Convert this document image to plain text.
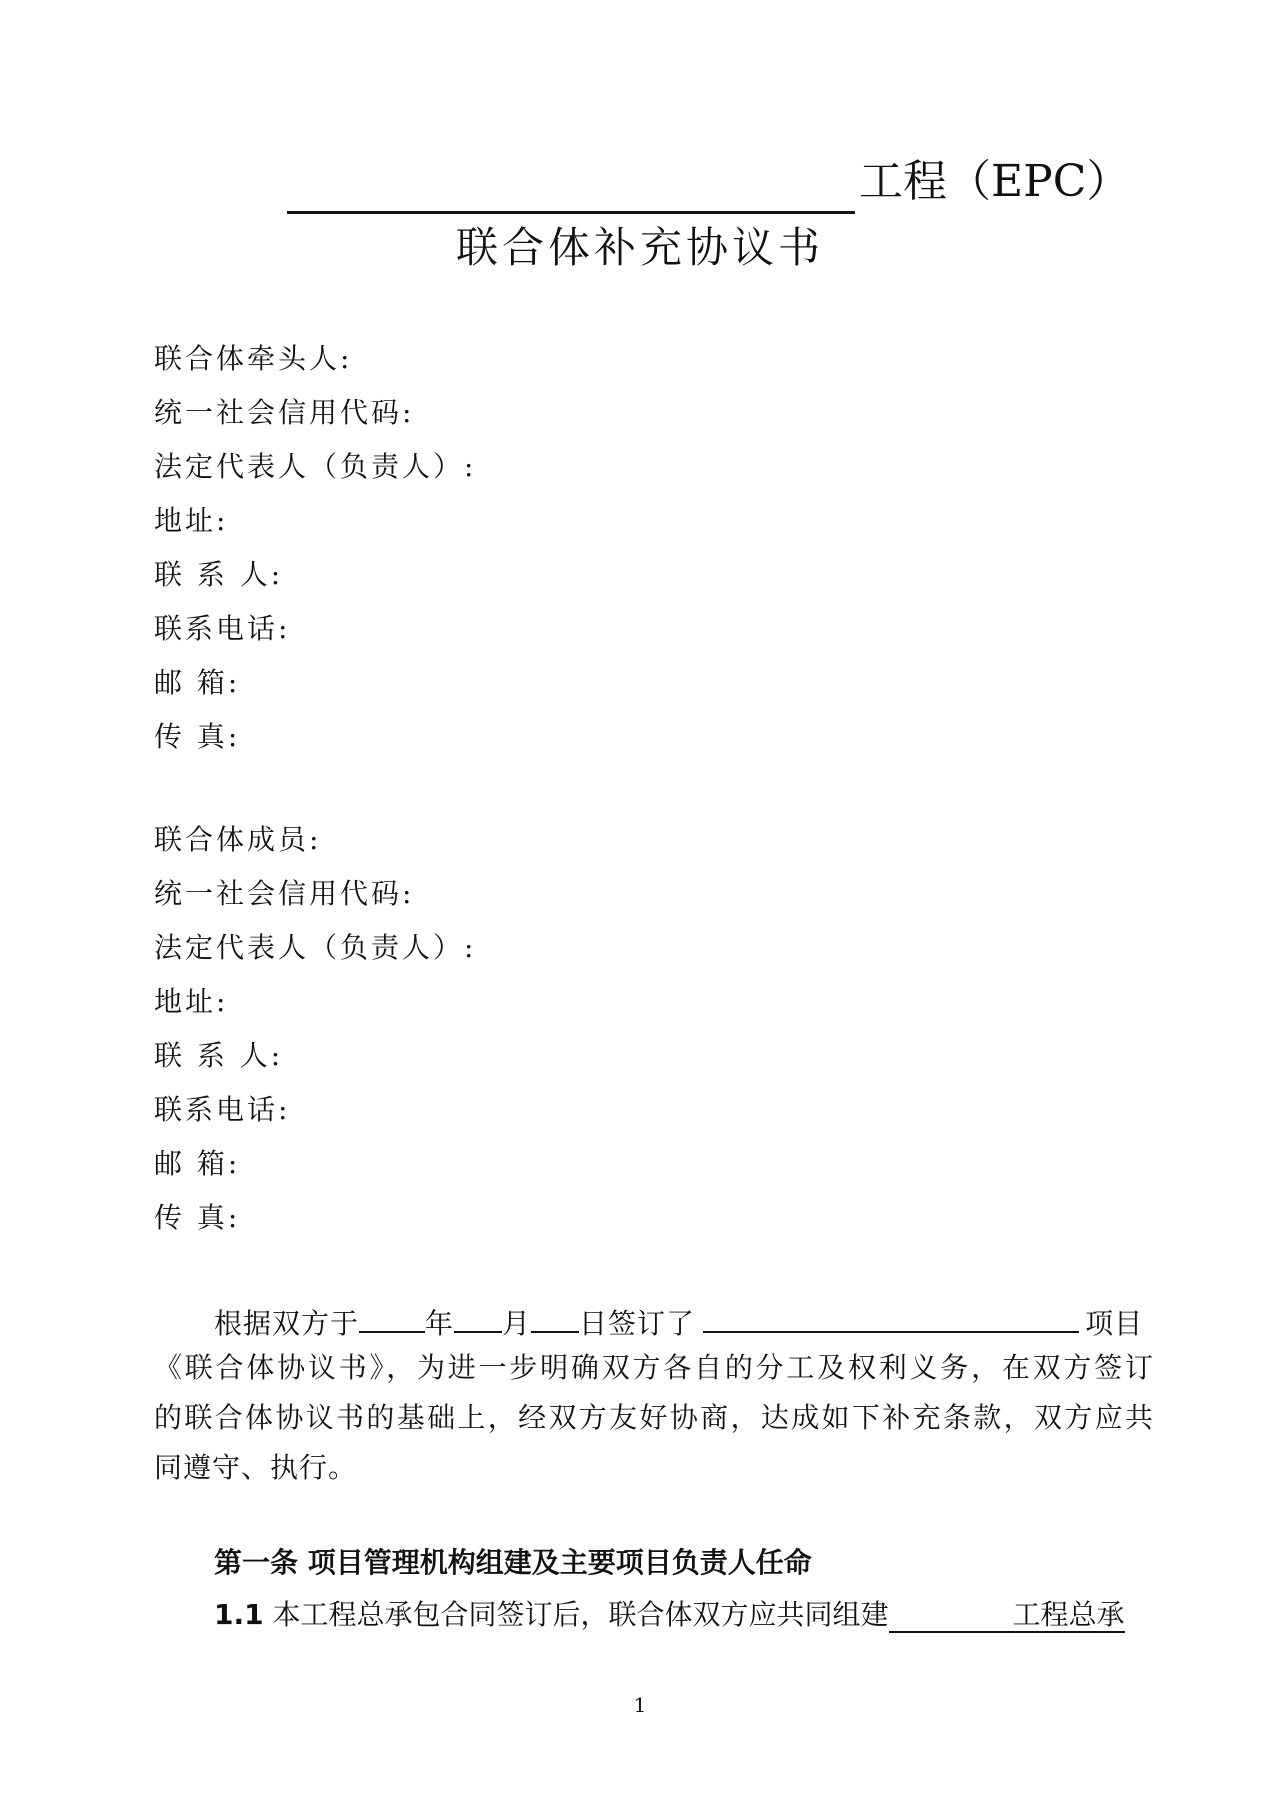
工程（EPC）
联合体补充协议书
联合体牵头人:
统一社会信用代码:
法定代表人（负责人）:
地址:
联 系 人:
联系电话:
邮 箱:
传 真:
联合体成员:
统一社会信用代码:
法定代表人（负责人）:
地址:
联 系 人:
联系电话:
邮 箱:
传 真:
根据双方于 年 月 日签订了	项目
《联合体协议书》，为进一步明确双方各自的分工及权利义务，在双方签订
的联合体协议书的基础上，经双方友好协商，达成如下补充条款，双方应共
同遵守、执行。
第一条 项目管理机构组建及主要项目负责人任命
1.1 本工程总承包合同签订后，联合体双方应共同组建	工程总承
1
